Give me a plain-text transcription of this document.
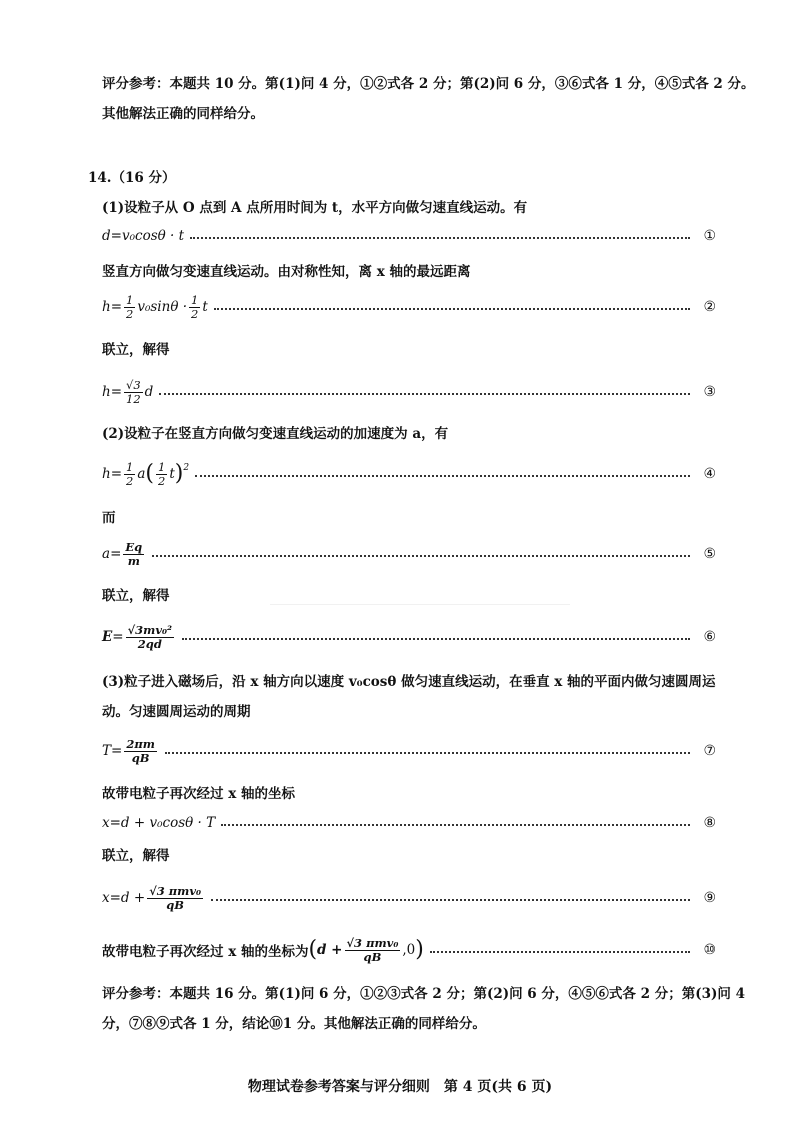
评分参考：本题共 10 分。第(1)问 4 分，①②式各 2 分；第(2)问 6 分，③⑥式各 1 分，④⑤式各 2 分。
其他解法正确的同样给分。
14.（16 分）
(1)设粒子从 O 点到 A 点所用时间为 t，水平方向做匀速直线运动。有
d =v₀cosθ · t	①
竖直方向做匀变速直线运动。由对称性知，离 x 轴的最远距离
$h = \frac{1}{2} v_0\sin\theta \cdot \frac{1}{2}$ t	②
联立，解得
$h = \frac{√3}{12}$ d	③
(2)设粒子在竖直方向做匀变速直线运动的加速度为 a，有
$h = \frac{1}{2}$ a ( $\frac{1}{2}$ t ) 2	④
而
$a = \frac{Eq}{m}$	⑤
联立，解得
$E = \frac{\text{√3mv₀²}}{2qd}$	⑥
(3)粒子进入磁场后，沿 x 轴方向以速度 v₀cosθ 做匀速直线运动，在垂直 x 轴的平面内做匀速圆周运
动。匀速圆周运动的周期
$T = \frac{2\pi m}{qB}$	⑦
故带电粒子再次经过 x 轴的坐标
x =d + v₀cosθ · T	⑧
联立，解得
$x =d + \frac{\text{√3 πmv₀}}{qB}$	⑨
故带电粒子再次经过 x 轴的坐标为 ( $d + \frac{\text{√3 πmv₀}}{qB} ,0$ )	⑩
评分参考：本题共 16 分。第(1)问 6 分，①②③式各 2 分；第(2)问 6 分，④⑤⑥式各 2 分；第(3)问 4
分，⑦⑧⑨式各 1 分，结论⑩1 分。其他解法正确的同样给分。
物理试卷参考答案与评分细则　第 4 页(共 6 页)
